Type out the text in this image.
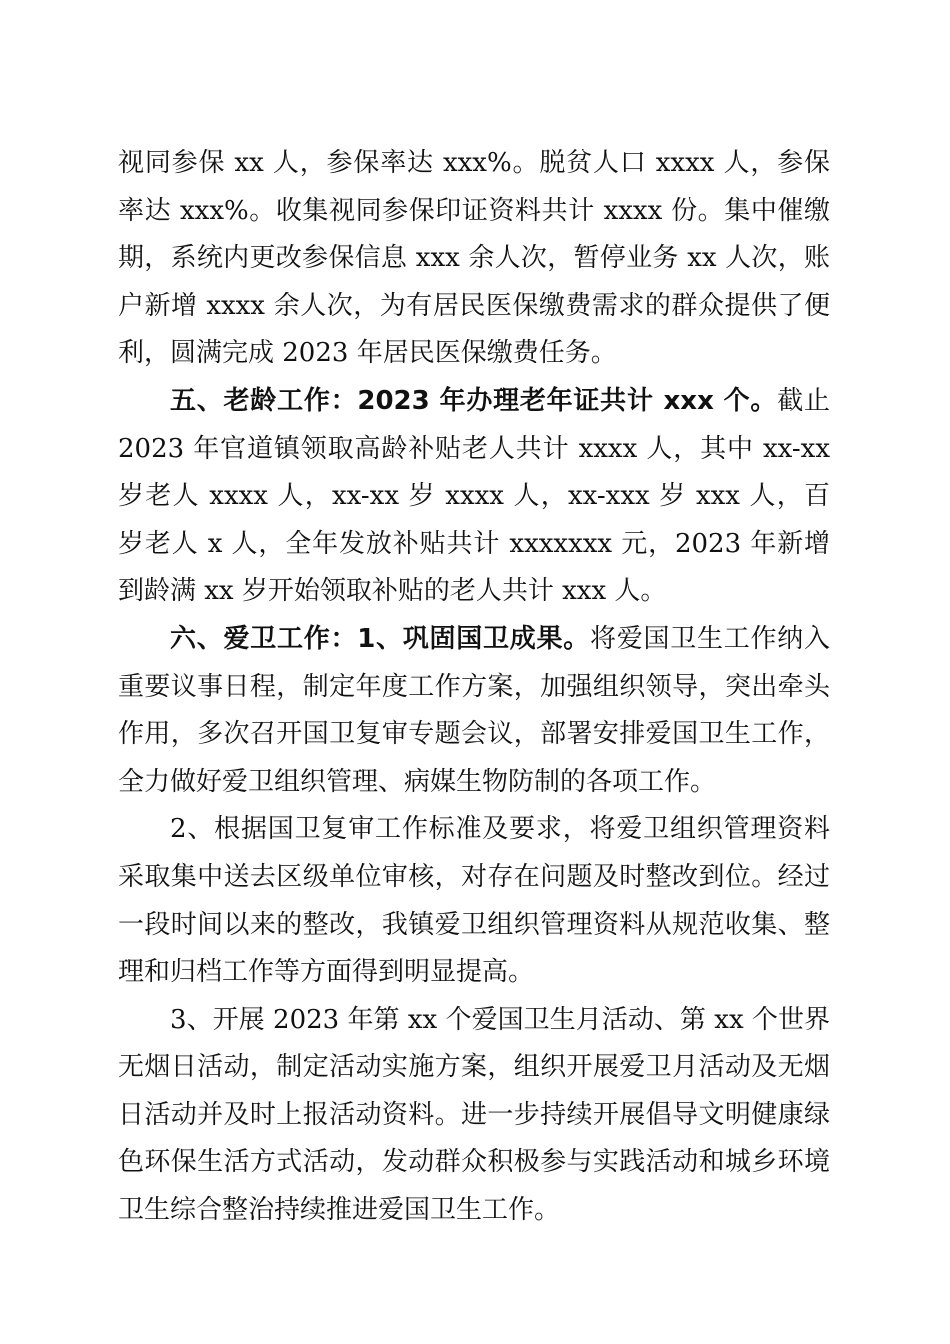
视同参保 xx 人，参保率达 xxx%。脱贫人口 xxxx 人，参保率达 xxx%。收集视同参保印证资料共计 xxxx 份。集中催缴期，系统内更改参保信息 xxx 余人次，暂停业务 xx 人次，账户新增 xxxx 余人次，为有居民医保缴费需求的群众提供了便利，圆满完成 2023 年居民医保缴费任务。

五、老龄工作：2023 年办理老年证共计 xxx 个。截止 2023 年官道镇领取高龄补贴老人共计 xxxx 人，其中 xx-xx 岁老人 xxxx 人，xx-xx 岁 xxxx 人，xx-xxx 岁 xxx 人，百岁老人 x 人，全年发放补贴共计 xxxxxxx 元，2023 年新增到龄满 xx 岁开始领取补贴的老人共计 xxx 人。

六、爱卫工作：1、巩固国卫成果。将爱国卫生工作纳入重要议事日程，制定年度工作方案，加强组织领导，突出牵头作用，多次召开国卫复审专题会议，部署安排爱国卫生工作，全力做好爱卫组织管理、病媒生物防制的各项工作。

2、根据国卫复审工作标准及要求，将爱卫组织管理资料采取集中送去区级单位审核，对存在问题及时整改到位。经过一段时间以来的整改，我镇爱卫组织管理资料从规范收集、整理和归档工作等方面得到明显提高。

3、开展 2023 年第 xx 个爱国卫生月活动、第 xx 个世界无烟日活动，制定活动实施方案，组织开展爱卫月活动及无烟日活动并及时上报活动资料。进一步持续开展倡导文明健康绿色环保生活方式活动，发动群众积极参与实践活动和城乡环境卫生综合整治持续推进爱国卫生工作。
